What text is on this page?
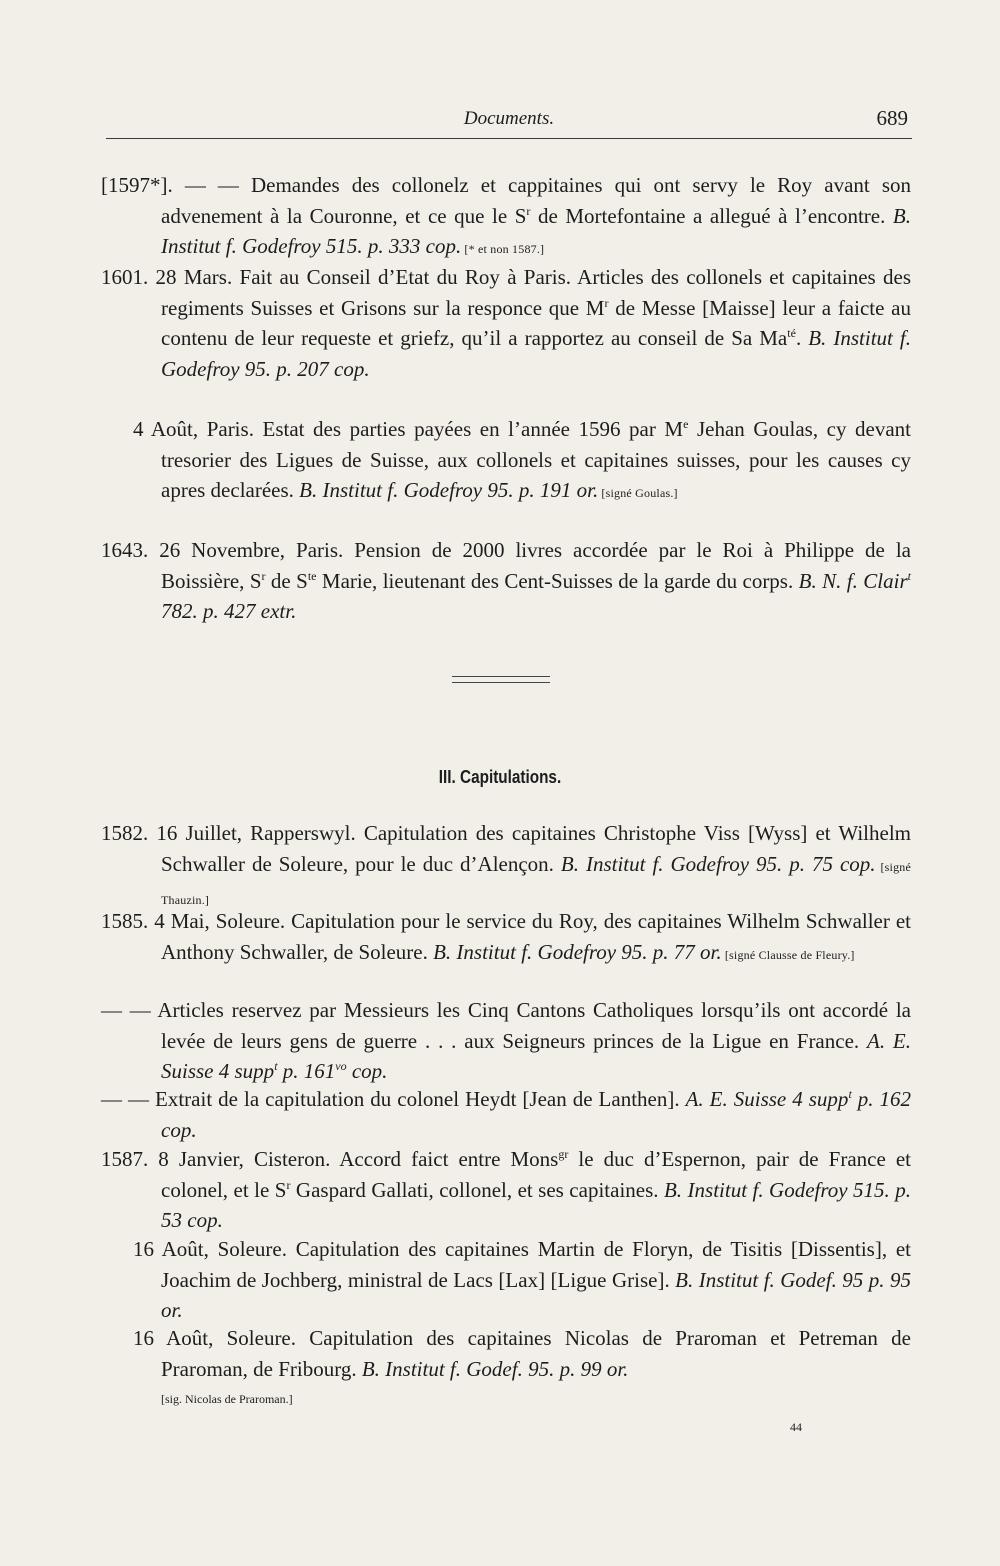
Documents.	689
[1597*]. — — Demandes des collonelz et cappitaines qui ont servy le Roy avant son advenement à la Couronne, et ce que le $S^r$ de Mortefontaine a allegué à l’encontre. B. Institut f. Godefroy 515. p. 333 cop. [* et non 1587.]
1601. 28 Mars. Fait au Conseil d’Etat du Roy à Paris. Articles des collonels et capitaines des regiments Suisses et Grisons sur la responce que $M^r$ de Messe [Maisse] leur a faicte au contenu de leur requeste et griefz, qu’il a rapportez au conseil de Sa $Ma^{té}$. B. Institut f. Godefroy 95. p. 207 cop.
4 Août, Paris. Estat des parties payées en l’année 1596 par Me Jehan Goulas, cy devant tresorier des Ligues de Suisse, aux collonels et capitaines suisses, pour les causes cy apres declarées. B. Institut f. Godefroy 95. p. 191 or. [signé Goulas.]
1643. 26 Novembre, Paris. Pension de 2000 livres accordée par le Roi à Philippe de la Boissière, $S^r$ de $S^{te}$ Marie, lieutenant des Cent-Suisses de la garde du corps. B. N. f. Clair$^t$ 782. p. 427 extr.
III. Capitulations.
1582. 16 Juillet, Rapperswyl. Capitulation des capitaines Christophe Viss [Wyss] et Wilhelm Schwaller de Soleure, pour le duc d’Alençon. B. Institut f. Godefroy 95. p. 75 cop. [signé Thauzin.]
1585. 4 Mai, Soleure. Capitulation pour le service du Roy, des capitaines Wilhelm Schwaller et Anthony Schwaller, de Soleure. B. Institut f. Godefroy 95. p. 77 or. [signé Clausse de Fleury.]
— — Articles reservez par Messieurs les Cinq Cantons Catholiques lorsqu’ils ont accordé la levée de leurs gens de guerre . . . aux Seigneurs princes de la Ligue en France. A. E. Suisse 4 supp$^t$ p. $161^{vo}$ cop.
— — Extrait de la capitulation du colonel Heydt [Jean de Lanthen]. A. E. Suisse 4 supp$^t$ p. 162 cop.
1587. 8 Janvier, Cisteron. Accord faict entre Mons$^{gr}$ le duc d’Espernon, pair de France et colonel, et le $S^r$ Gaspard Gallati, collonel, et ses capitaines. B. Institut f. Godefroy 515. p. 53 cop.
16 Août, Soleure. Capitulation des capitaines Martin de Floryn, de Tisitis [Dissentis], et Joachim de Jochberg, ministral de Lacs [Lax] [Ligue Grise]. B. Institut f. Godef. 95 p. 95 or.
16 Août, Soleure. Capitulation des capitaines Nicolas de Praroman et Petreman de Praroman, de Fribourg. B. Institut f. Godef. 95. p. 99 or.
[sig. Nicolas de Praroman.]
44
